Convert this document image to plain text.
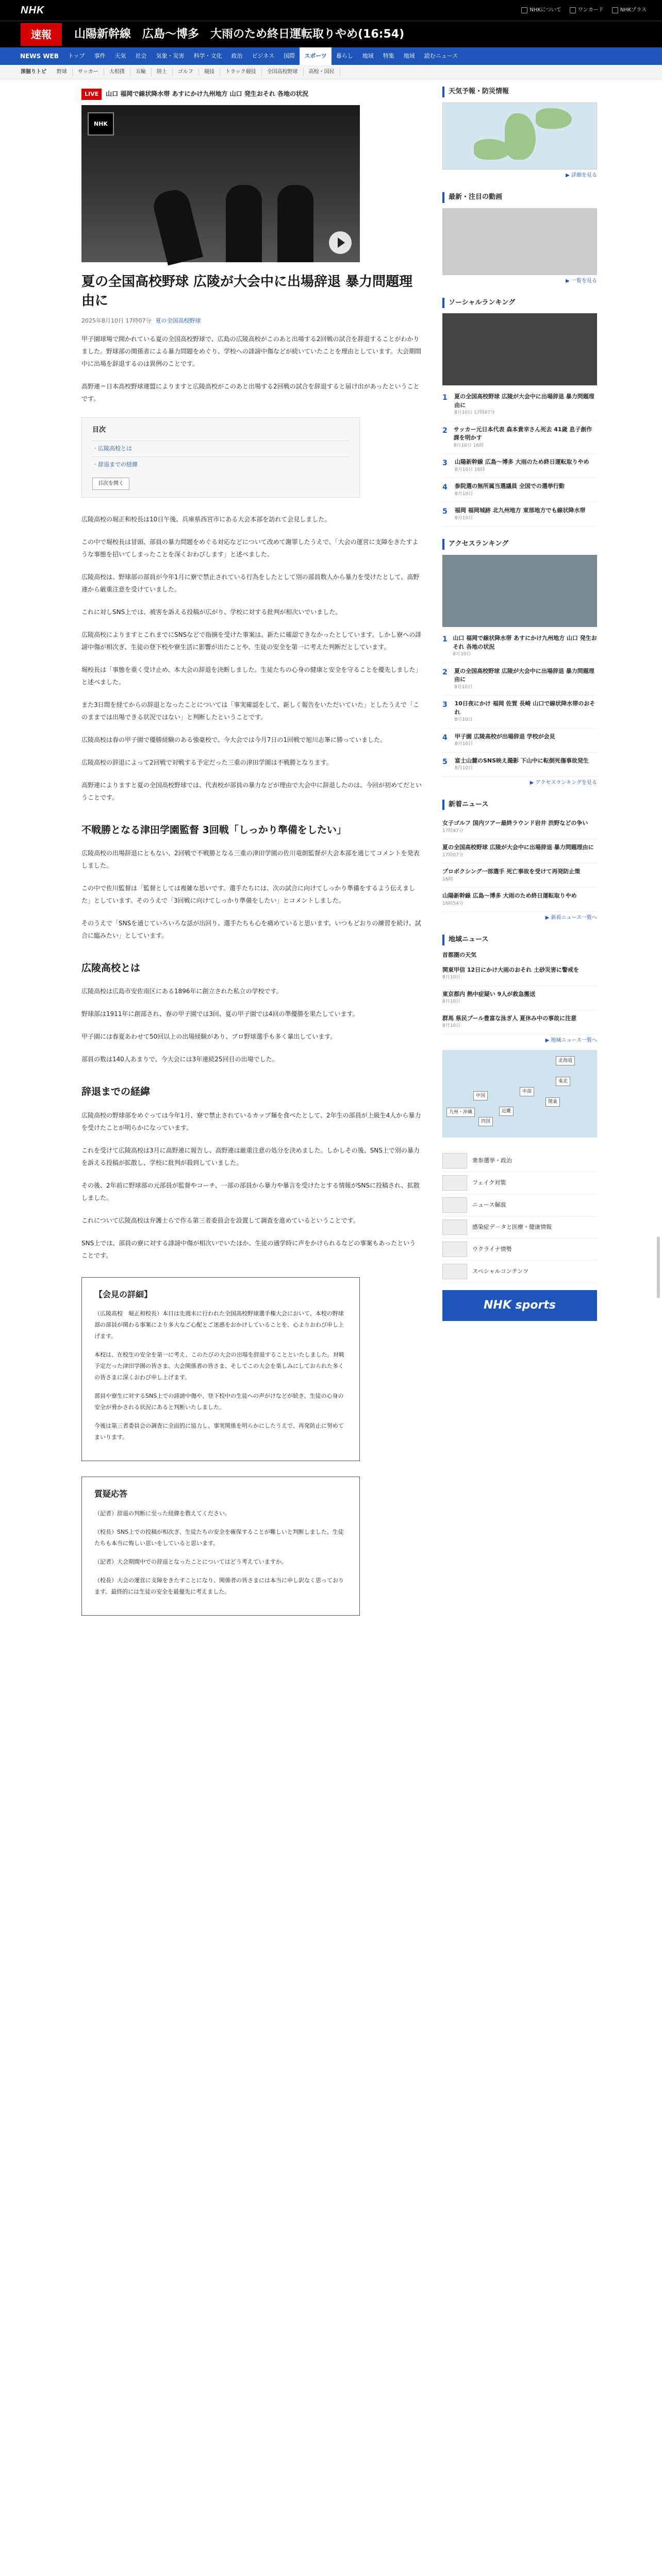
NHK	NHKについて	ワンカード	NHKプラス
速報	山陽新幹線　広島～博多　大雨のため終日運転取りやめ(16:54)
NEWS WEB	トップ	事件	天気	社会	気象・災害	科学・文化	政治	ビジネス	国際	スポーツ	暮らし	地域	特集	地域	読むニュース
深掘りトピ	野球	サッカー	大相撲	五輪	陸上	ゴルフ	競技	トラック競技	全国高校野球	高校・国民
LIVE	山口 福岡で線状降水帯 あすにかけ九州地方 山口 発生おそれ 各地の状況
NHK
夏の全国高校野球 広陵が大会中に出場辞退 暴力問題理由に
2025年8月10日 17時07分 夏の全国高校野球

甲子園球場で開かれている夏の全国高校野球で、広島の広陵高校がこのあと出場する2回戦の試合を辞退することがわかりました。野球部の関係者による暴力問題をめぐり、学校への誹謗中傷などが続いていたことを理由としています。大会期間中に出場を辞退するのは異例のことです。

高野連＝日本高校野球連盟によりますと広陵高校がこのあと出場する2回戦の試合を辞退すると届け出があったということです。

目次
・ 広陵高校とは
・ 辞退までの経緯
目次を開く

広陵高校の堀正和校長は10日午後、兵庫県西宮市にある大会本部を訪れて会見しました。

この中で堀校長は冒頭、部員の暴力問題をめぐる対応などについて改めて謝罪したうえで、「大会の運営に支障をきたすような事態を招いてしまったことを深くおわびします」と述べました。

広陵高校は、野球部の部員が今年1月に寮で禁止されている行為をしたとして別の部員数人から暴力を受けたとして、高野連から厳重注意を受けていました。

これに対しSNS上では、被害を訴える投稿が広がり、学校に対する批判が相次いでいました。

広陵高校によりますとこれまでにSNSなどで指摘を受けた事案は、新たに確認できなかったとしています。しかし寮への誹謗中傷が相次ぎ、生徒の登下校や寮生活に影響が出たことや、生徒の安全を第一に考えた判断だとしています。

堀校長は「事態を重く受け止め、本大会の辞退を決断しました。生徒たちの心身の健康と安全を守ることを優先しました」と述べました。

また3日間を経てからの辞退となったことについては「事実確認をして、新しく報告をいただいていた」としたうえで「このままでは出場できる状況ではない」と判断したということです。

広陵高校は春の甲子園で優勝経験のある強豪校で、今大会では今月7日の1回戦で旭川志峯に勝っていました。

広陵高校の辞退によって2回戦で対戦する予定だった三重の津田学園は不戦勝となります。

高野連によりますと夏の全国高校野球では、代表校が部員の暴力などが理由で大会中に辞退したのは、今回が初めてだということです。

不戦勝となる津田学園監督 3回戦「しっかり準備をしたい」

広陵高校の出場辞退にともない、2回戦で不戦勝となる三重の津田学園の佐川竜朗監督が大会本部を通じてコメントを発表しました。

この中で佐川監督は「監督としては複雑な思いです。選手たちには、次の試合に向けてしっかり準備をするよう伝えました」としています。そのうえで「3回戦に向けてしっかり準備をしたい」とコメントしました。

そのうえで「SNSを通じていろいろな話が出回り、選手たちも心を痛めていると思います。いつもどおりの練習を続け、試合に臨みたい」としています。

広陵高校とは

広陵高校は広島市安佐南区にある1896年に創立された私立の学校です。

野球部は1911年に創部され、春の甲子園では3回、夏の甲子園では4回の準優勝を果たしています。

甲子園には春夏あわせて50回以上の出場経験があり、プロ野球選手も多く輩出しています。

部員の数は140人あまりで、今大会には3年連続25回目の出場でした。

辞退までの経緯

広陵高校の野球部をめぐっては今年1月、寮で禁止されているカップ麺を食べたとして、2年生の部員が上級生4人から暴力を受けたことが明らかになっています。

これを受けて広陵高校は3月に高野連に報告し、高野連は厳重注意の処分を決めました。しかしその後、SNS上で別の暴力を訴える投稿が拡散し、学校に批判が殺到していました。

その後、2年前に野球部の元部員が監督やコーチ、一部の部員から暴力や暴言を受けたとする情報がSNSに投稿され、拡散しました。

これについて広陵高校は弁護士らで作る第三者委員会を設置して調査を進めているということです。

SNS上では、部員の寮に対する誹謗中傷が相次いでいたほか、生徒の通学時に声をかけられるなどの事案もあったということです。

【会見の詳細】

（広陵高校　堀正和校長）本日は先週末に行われた全国高校野球選手権大会において、本校の野球部の部員が関わる事案により多大なご心配とご迷惑をおかけしていることを、心よりおわび申し上げます。

本校は、在校生の安全を第一に考え、このたびの大会の出場を辞退することといたしました。対戦予定だった津田学園の皆さま、大会関係者の皆さま、そしてこの大会を楽しみにしておられた多くの皆さまに深くおわび申し上げます。

部員や寮生に対するSNS上での誹謗中傷や、登下校中の生徒への声がけなどが続き、生徒の心身の安全が脅かされる状況にあると判断いたしました。

今後は第三者委員会の調査に全面的に協力し、事実関係を明らかにしたうえで、再発防止に努めてまいります。

質疑応答

（記者）辞退の判断に至った経緯を教えてください。

（校長）SNS上での投稿が相次ぎ、生徒たちの安全を確保することが難しいと判断しました。生徒たちも本当に悔しい思いをしていると思います。

（記者）大会期間中での辞退となったことについてはどう考えていますか。

（校長）大会の運営に支障をきたすことになり、関係者の皆さまには本当に申し訳なく思っております。最終的には生徒の安全を最優先に考えました。

天気予報・防災情報
▶ 詳細を見る
最新・注目の動画
▶ 一覧を見る
ソーシャルランキング
1	夏の全国高校野球 広陵が大会中に出場辞退 暴力問題理由に
8月10日 17時07分
2	サッカー元日本代表 森本貴幸さん死去 41歳 息子創作課を明かす
8月10日 16時
3	山陽新幹線 広島～博多 大雨のため終日運転取りやめ
8月10日 16時
4	参院選の無所属当選議員 全国での選挙行動
8月10日
5	福岡 福岡城跡 北九州地方 東部地方でも線状降水帯
8月10日
アクセスランキング
1 山口 福岡で線状降水帯 あすにかけ九州地方 山口 発生おそれ 各地の状況
8月10日
2	夏の全国高校野球 広陵が大会中に出場辞退 暴力問題理由に
8月10日
3	10日夜にかけ 福岡 佐賀 長崎 山口で線状降水帯のおそれ
8月10日
4	甲子園 広陵高校が出場辞退 学校が会見
8月10日
5	富士山麓のSNS映え撮影 下山中に転倒死傷事故発生
8月10日
▶ アクセスランキングを見る
新着ニュース
女子ゴルフ 国内ツアー最終ラウンド岩井 渋野などの争い
17時47分
夏の全国高校野球 広陵が大会中に出場辞退 暴力問題理由に
17時07分
プロボクシング一部選手 死亡事故を受けて再発防止策
16時
山陽新幹線 広島～博多 大雨のため終日運転取りやめ
16時54分
▶ 新着ニュース一覧へ
地域ニュース
首都圏の天気
関東甲信 12日にかけ大雨のおそれ 土砂災害に警戒を
8月10日
東京都内 熱中症疑い 9人が救急搬送
8月10日
群馬 県民プール豊富な泳ぎ人 夏休み中の事故に注意
8月10日
▶ 地域ニュース一覧へ
北海道
東北
関東
中部
近畿
中国
四国
九州・沖縄
衆参選挙・政治
フェイク対策
ニュース解説
感染症デ－タと医療・健康情報
ウクライナ情勢
スペシャルコンテンツ
NHK sports
